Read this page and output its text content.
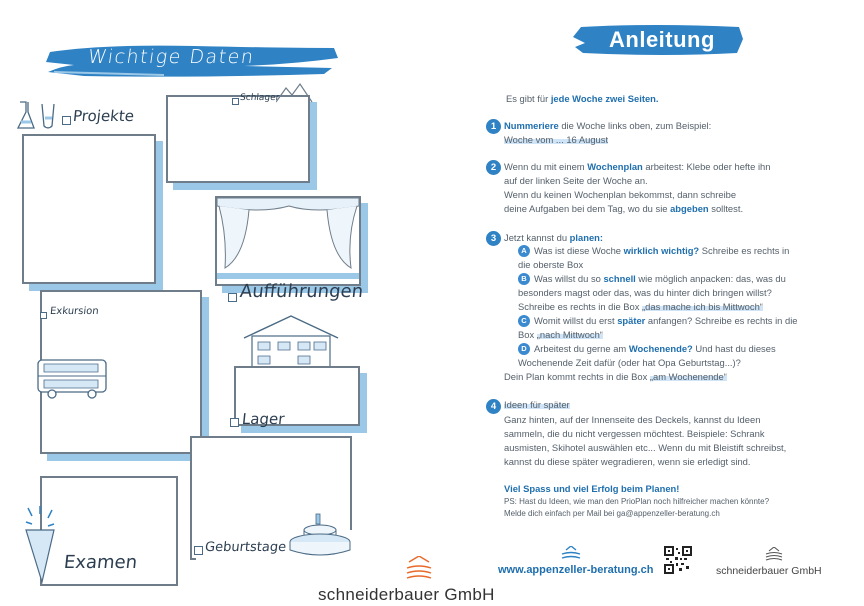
Wichtige Daten
Projekte
Schlager
Aufführungen
Exkursion
Lager
Geburtstage
Examen
Anleitung
Es gibt für jede Woche zwei Seiten.
1 Nummeriere die Woche links oben, zum Beispiel:
Woche vom ... 16 August
2 Wenn du mit einem Wochenplan arbeitest: Klebe oder hefte ihn
auf der linken Seite der Woche an.
Wenn du keinen Wochenplan bekommst, dann schreibe
deine Aufgaben bei dem Tag, wo du sie abgeben solltest.
3 Jetzt kannst du planen:
A Was ist diese Woche wirklich wichtig? Schreibe es rechts in
die oberste Box
B Was willst du so schnell wie möglich anpacken: das, was du
besonders magst oder das, was du hinter dich bringen willst?
Schreibe es rechts in die Box „das mache ich bis Mittwoch“
C Womit willst du erst später anfangen? Schreibe es rechts in die
Box „nach Mittwoch“
D Arbeitest du gerne am Wochenende? Und hast du dieses
Wochenende Zeit dafür (oder hat Opa Geburtstag...)?
Dein Plan kommt rechts in die Box „am Wochenende“
4 Ideen für später
Ganz hinten, auf der Innenseite des Deckels, kannst du Ideen
sammeln, die du nicht vergessen möchtest. Beispiele: Schrank
ausmisten, Skihotel auswählen etc... Wenn du mit Bleistift schreibst,
kannst du diese später wegradieren, wenn sie erledigt sind.
Viel Spass und viel Erfolg beim Planen!
PS: Hast du Ideen, wie man den PrioPlan noch hilfreicher machen könnte?
Melde dich einfach per Mail bei ga@appenzeller-beratung.ch
www.appenzeller-beratung.ch	schneiderbauer GmbH
schneiderbauer GmbH
